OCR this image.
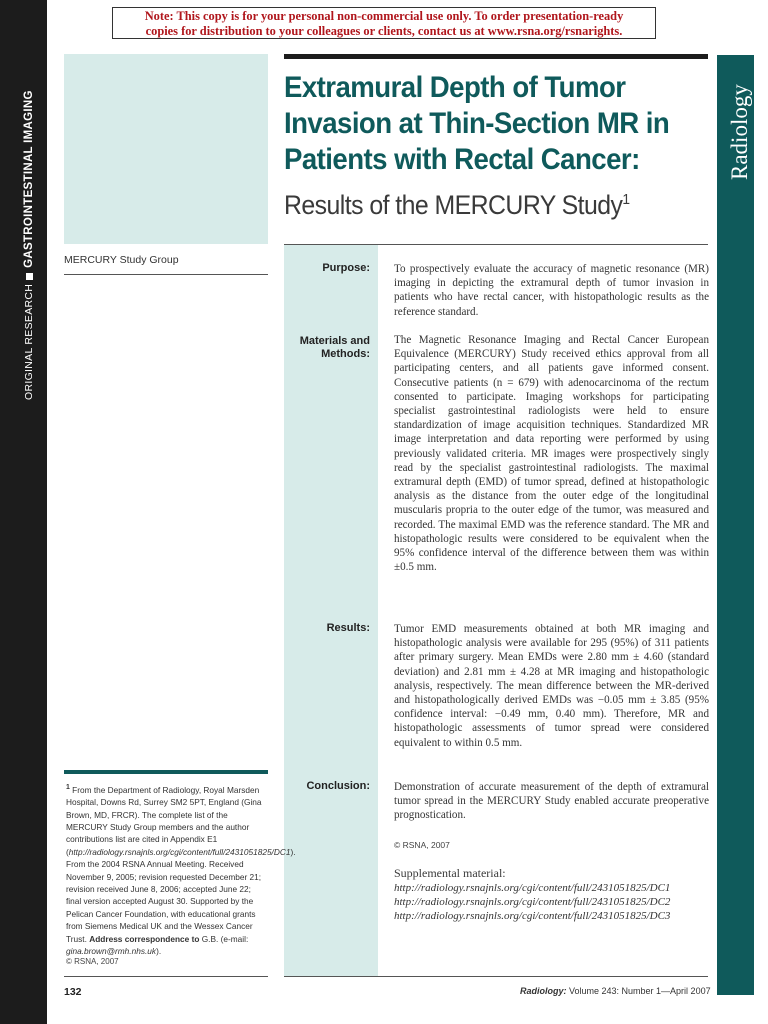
ORIGINAL RESEARCHGASTROINTESTINAL IMAGING
Note: This copy is for your personal non-commercial use only. To order presentation-ready
copies for distribution to your colleagues or clients, contact us at www.rsna.org/rsnarights.
Radiology
Extramural Depth of Tumor Invasion at Thin-Section MR in Patients with Rectal Cancer:
Results of the MERCURY Study$^1$
MERCURY Study Group
Purpose: To prospectively evaluate the accuracy of magnetic resonance (MR) imaging in depicting the extramural depth of tumor invasion in patients who have rectal cancer, with histopathologic results as the reference standard.
Materials and
Methods:
The Magnetic Resonance Imaging and Rectal Cancer European Equivalence (MERCURY) Study received ethics approval from all participating centers, and all patients gave informed consent. Consecutive patients (n = 679) with adenocarcinoma of the rectum consented to participate. Imaging workshops for participating specialist gastrointestinal radiologists were held to ensure standardization of image acquisition techniques. Standardized MR image interpretation and data reporting were performed by using previously validated criteria. MR images were prospectively singly read by the specialist gastrointestinal radiologists. The maximal extramural depth (EMD) of tumor spread, defined at histopathologic analysis as the distance from the outer edge of the longitudinal muscularis propria to the outer edge of the tumor, was measured and recorded. The maximal EMD was the reference standard. The MR and histopathologic results were considered to be equivalent when the 95% confidence interval of the difference between them was within ±0.5 mm.
Results: Tumor EMD measurements obtained at both MR imaging and histopathologic analysis were available for 295 (95%) of 311 patients after primary surgery. Mean EMDs were 2.80 mm ± 4.60 (standard deviation) and 2.81 mm ± 4.28 at MR imaging and histopathologic analysis, respectively. The mean difference between the MR-derived and histopathologically derived EMDs was −0.05 mm ± 3.85 (95% confidence interval: −0.49 mm, 0.40 mm). Therefore, MR and histopathologic assessments of tumor spread were considered equivalent to within 0.5 mm.
Conclusion: Demonstration of accurate measurement of the depth of extramural tumor spread in the MERCURY Study enabled accurate preoperative prognostication.
© RSNA, 2007
Supplemental material:
http://radiology.rsnajnls.org/cgi/content/full/2431051825/DC1
http://radiology.rsnajnls.org/cgi/content/full/2431051825/DC2
http://radiology.rsnajnls.org/cgi/content/full/2431051825/DC3
$^1$ From the Department of Radiology, Royal Marsden Hospital, Downs Rd, Surrey SM2 5PT, England (Gina Brown, MD, FRCR). The complete list of the MERCURY Study Group members and the author contributions list are cited in Appendix E1 (http://radiology.rsnajnls.org/cgi/content/full/2431051825/DC1). From the 2004 RSNA Annual Meeting. Received November 9, 2005; revision requested December 21; revision received June 8, 2006; accepted June 22; final version accepted August 30. Supported by the Pelican Cancer Foundation, with educational grants from Siemens Medical UK and the Wessex Cancer Trust. Address correspondence to G.B. (e-mail: gina.brown@rmh.nhs.uk).
© RSNA, 2007
132	Radiology: Volume 243: Number 1—April 2007
